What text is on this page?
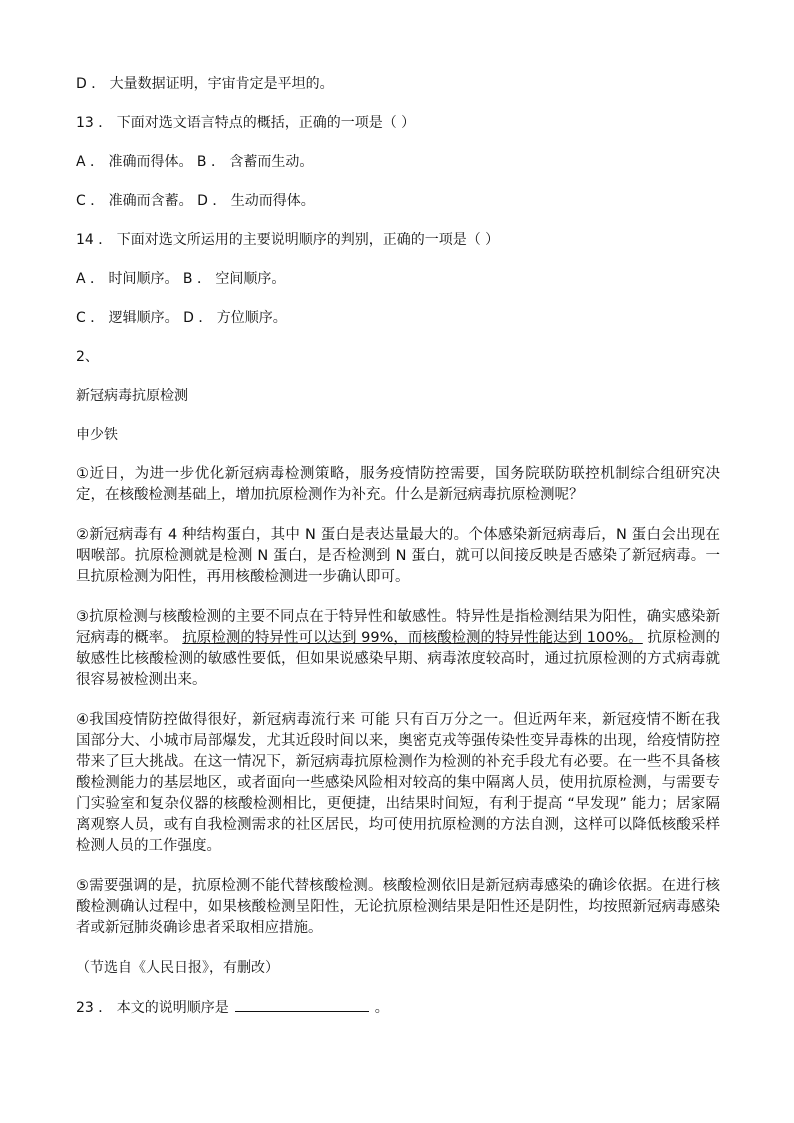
D ． 大量数据证明，宇宙肯定是平坦的。

13 ． 下面对选文语言特点的概括，正确的一项是（ ）

A ． 准确而得体。 B ． 含蓄而生动。

C ． 准确而含蓄。 D ． 生动而得体。

14 ． 下面对选文所运用的主要说明顺序的判别，正确的一项是（ ）

A ． 时间顺序。 B ． 空间顺序。

C ． 逻辑顺序。 D ． 方位顺序。

2、

新冠病毒抗原检测

申少铁

①近日，为进一步优化新冠病毒检测策略，服务疫情防控需要，国务院联防联控机制综合组研究决定，在核酸检测基础上，增加抗原检测作为补充。什么是新冠病毒抗原检测呢？

②新冠病毒有 4 种结构蛋白，其中 N 蛋白是表达量最大的。个体感染新冠病毒后，N 蛋白会出现在咽喉部。抗原检测就是检测 N 蛋白，是否检测到 N 蛋白，就可以间接反映是否感染了新冠病毒。一旦抗原检测为阳性，再用核酸检测进一步确认即可。

③抗原检测与核酸检测的主要不同点在于特异性和敏感性。特异性是指检测结果为阳性，确实感染新冠病毒的概率。 抗原检测的特异性可以达到 99%，而核酸检测的特异性能达到 100%。 抗原检测的敏感性比核酸检测的敏感性要低，但如果说感染早期、病毒浓度较高时，通过抗原检测的方式病毒就很容易被检测出来。

④我国疫情防控做得很好，新冠病毒流行来 可能 只有百万分之一。但近两年来，新冠疫情不断在我国部分大、小城市局部爆发，尤其近段时间以来，奥密克戎等强传染性变异毒株的出现，给疫情防控带来了巨大挑战。在这一情况下，新冠病毒抗原检测作为检测的补充手段尤有必要。在一些不具备核酸检测能力的基层地区，或者面向一些感染风险相对较高的集中隔离人员，使用抗原检测，与需要专门实验室和复杂仪器的核酸检测相比，更便捷，出结果时间短，有利于提高 “早发现” 能力；居家隔离观察人员，或有自我检测需求的社区居民，均可使用抗原检测的方法自测，这样可以降低核酸采样检测人员的工作强度。

⑤需要强调的是，抗原检测不能代替核酸检测。核酸检测依旧是新冠病毒感染的确诊依据。在进行核酸检测确认过程中，如果核酸检测呈阳性，无论抗原检测结果是阳性还是阴性，均按照新冠病毒感染者或新冠肺炎确诊患者采取相应措施。

（节选自《人民日报》，有删改）

23 ． 本文的说明顺序是	。
